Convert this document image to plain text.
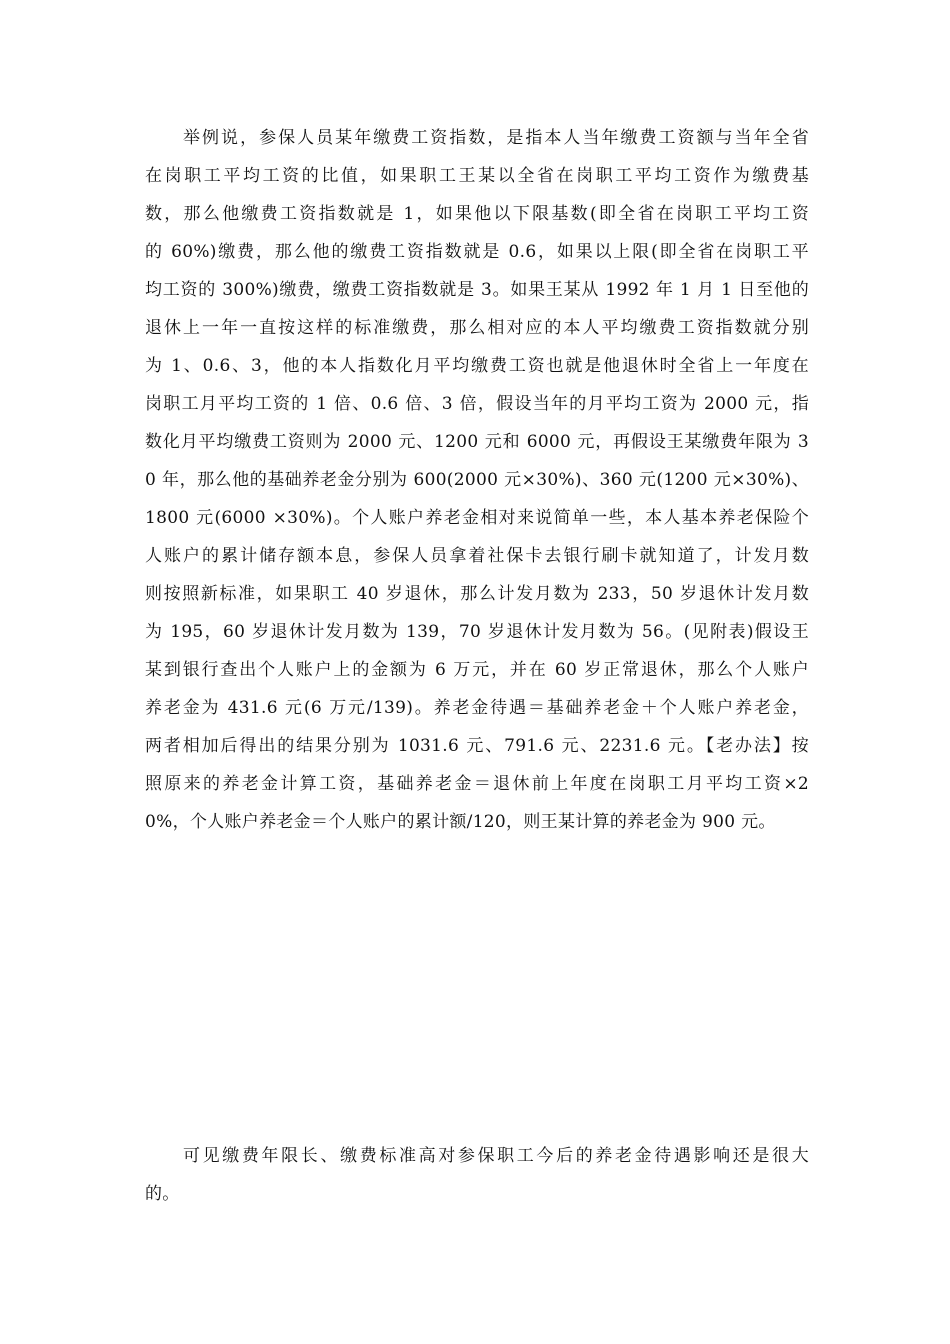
举例说，参保人员某年缴费工资指数，是指本人当年缴费工资额与当年全省
在岗职工平均工资的比值，如果职工王某以全省在岗职工平均工资作为缴费基
数，那么他缴费工资指数就是 1，如果他以下限基数(即全省在岗职工平均工资
的 60%)缴费，那么他的缴费工资指数就是 0.6，如果以上限(即全省在岗职工平
均工资的 300%)缴费，缴费工资指数就是 3。如果王某从 1992 年 1 月 1 日至他的
退休上一年一直按这样的标准缴费，那么相对应的本人平均缴费工资指数就分别
为 1、0.6、3，他的本人指数化月平均缴费工资也就是他退休时全省上一年度在
岗职工月平均工资的 1 倍、0.6 倍、3 倍，假设当年的月平均工资为 2000 元，指
数化月平均缴费工资则为 2000 元、1200 元和 6000 元，再假设王某缴费年限为 3
0 年，那么他的基础养老金分别为 600(2000 元×30%)、360 元(1200 元×30%)、
1800 元(6000 ×30%)。个人账户养老金相对来说简单一些，本人基本养老保险个
人账户的累计储存额本息，参保人员拿着社保卡去银行刷卡就知道了，计发月数
则按照新标准，如果职工 40 岁退休，那么计发月数为 233，50 岁退休计发月数
为 195，60 岁退休计发月数为 139，70 岁退休计发月数为 56。(见附表)假设王
某到银行查出个人账户上的金额为 6 万元，并在 60 岁正常退休，那么个人账户
养老金为 431.6 元(6 万元/139)。养老金待遇＝基础养老金＋个人账户养老金，
两者相加后得出的结果分别为 1031.6 元、791.6 元、2231.6 元。【老办法】按
照原来的养老金计算工资，基础养老金＝退休前上年度在岗职工月平均工资×2
0%，个人账户养老金＝个人账户的累计额/120，则王某计算的养老金为 900 元。
可见缴费年限长、缴费标准高对参保职工今后的养老金待遇影响还是很大
的。
